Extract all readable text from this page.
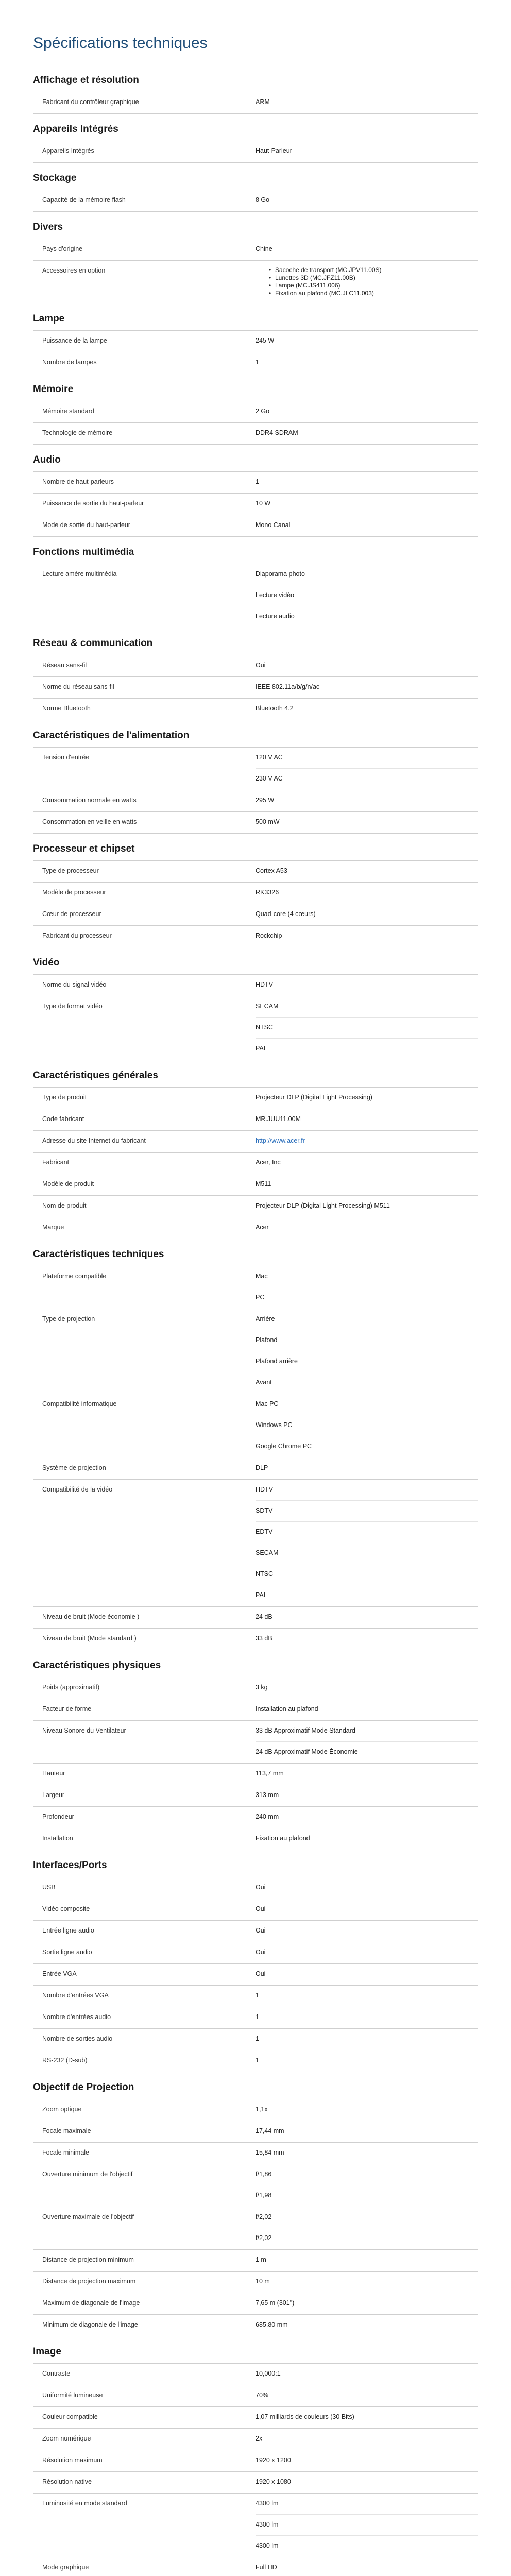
Spécifications techniques
Affichage et résolution
Fabricant du contrôleur graphique	ARM
Appareils Intégrés
Appareils Intégrés	Haut-Parleur
Stockage
Capacité de la mémoire flash	8 Go
Divers
Pays d'origine	Chine
Accessoires en option	• Sacoche de transport (MC.JPV11.00S)
• Lunettes 3D (MC.JFZ11.00B)
• Lampe (MC.JS411.006)
• Fixation au plafond (MC.JLC11.003)
Lampe
Puissance de la lampe	245 W
Nombre de lampes	1
Mémoire
Mémoire standard	2 Go
Technologie de mémoire	DDR4 SDRAM
Audio
Nombre de haut-parleurs	1
Puissance de sortie du haut-parleur	10 W
Mode de sortie du haut-parleur	Mono Canal
Fonctions multimédia
Lecture amère multimédia	Diaporama photo
Lecture vidéo
Lecture audio
Réseau & communication
Réseau sans-fil	Oui
Norme du réseau sans-fil	IEEE 802.11a/b/g/n/ac
Norme Bluetooth	Bluetooth 4.2
Caractéristiques de l'alimentation
Tension d'entrée	120 V AC
230 V AC
Consommation normale en watts	295 W
Consommation en veille en watts	500 mW
Processeur et chipset
Type de processeur	Cortex A53
Modèle de processeur	RK3326
Cœur de processeur	Quad-core (4 cœurs)
Fabricant du processeur	Rockchip
Vidéo
Norme du signal vidéo	HDTV
Type de format vidéo	SECAM
NTSC
PAL
Caractéristiques générales
Type de produit	Projecteur DLP (Digital Light Processing)
Code fabricant	MR.JUU11.00M
Adresse du site Internet du fabricant	http://www.acer.fr
Fabricant	Acer, Inc
Modèle de produit	M511
Nom de produit	Projecteur DLP (Digital Light Processing) M511
Marque	Acer
Caractéristiques techniques
Plateforme compatible	Mac
PC
Type de projection	Arrière
Plafond
Plafond arrière
Avant
Compatibilité informatique	Mac PC
Windows PC
Google Chrome PC
Système de projection	DLP
Compatibilité de la vidéo	HDTV
SDTV
EDTV
SECAM
NTSC
PAL
Niveau de bruit (Mode économie )	24 dB
Niveau de bruit (Mode standard )	33 dB
Caractéristiques physiques
Poids (approximatif)	3 kg
Facteur de forme	Installation au plafond
Niveau Sonore du Ventilateur	33 dB Approximatif Mode Standard
24 dB Approximatif Mode Économie
Hauteur	113,7 mm
Largeur	313 mm
Profondeur	240 mm
Installation	Fixation au plafond
Interfaces/Ports
USB	Oui
Vidéo composite	Oui
Entrée ligne audio	Oui
Sortie ligne audio	Oui
Entrée VGA	Oui
Nombre d'entrées VGA	1
Nombre d'entrées audio	1
Nombre de sorties audio	1
RS-232 (D-sub)	1
Objectif de Projection
Zoom optique	1,1x
Focale maximale	17,44 mm
Focale minimale	15,84 mm
Ouverture minimum de l'objectif	f/1,86
f/1,98
Ouverture maximale de l'objectif	f/2,02
f/2,02
Distance de projection minimum	1 m
Distance de projection maximum	10 m
Maximum de diagonale de l'image	7,65 m (301")
Minimum de diagonale de l'image	685,80 mm
Image
Contraste	10,000:1
Uniformité lumineuse	70%
Couleur compatible	1,07 milliards de couleurs (30 Bits)
Zoom numérique	2x
Résolution maximum	1920 x 1200
Résolution native	1920 x 1080
Luminosité en mode standard	4300 lm
4300 lm
4300 lm
Mode graphique	Full HD
